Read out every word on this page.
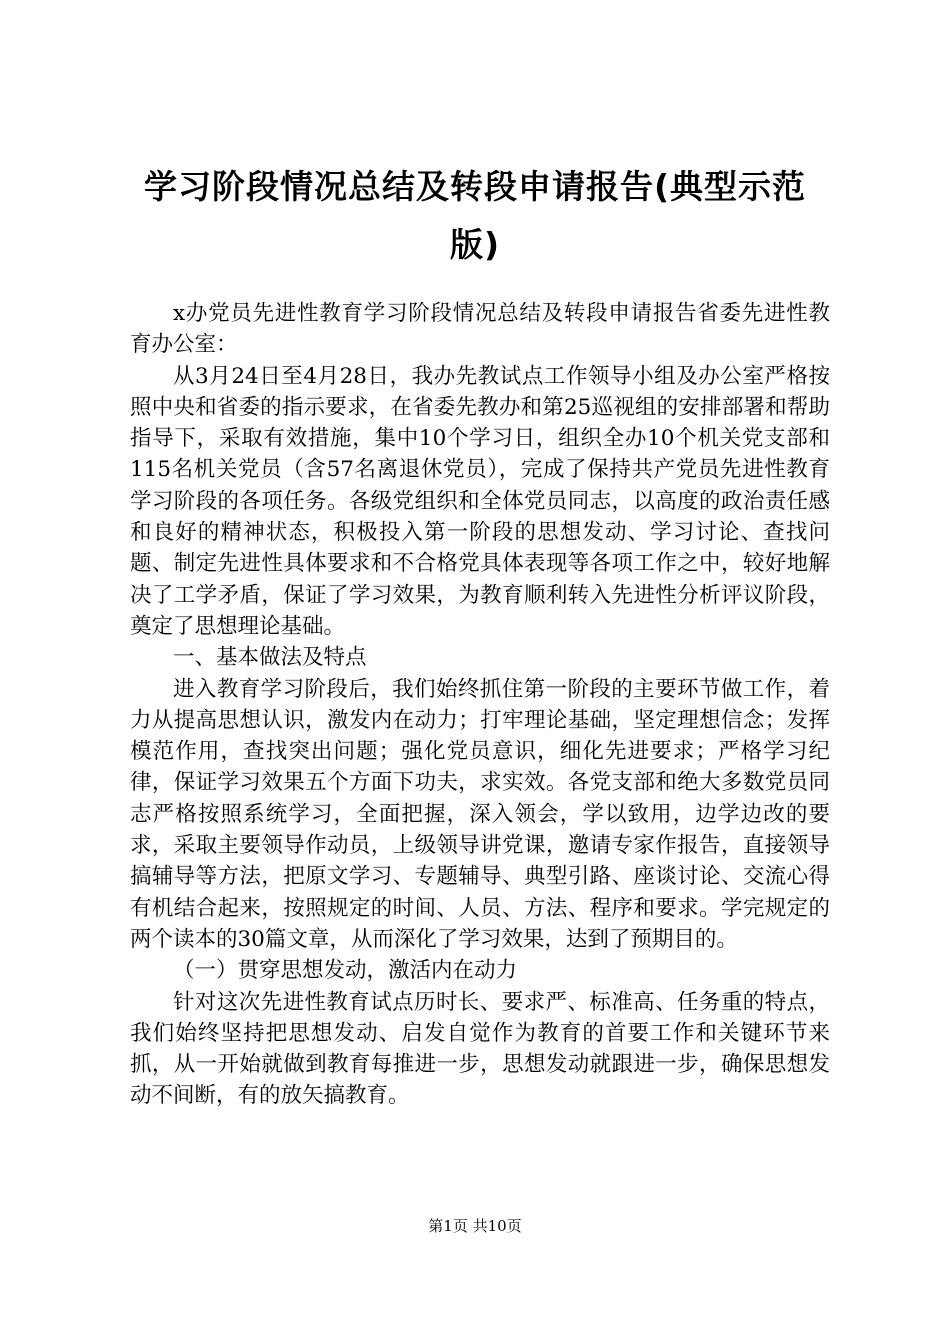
学习阶段情况总结及转段申请报告(典型示范版)

x办党员先进性教育学习阶段情况总结及转段申请报告省委先进性教育办公室：

从3月24日至4月28日，我办先教试点工作领导小组及办公室严格按照中央和省委的指示要求，在省委先教办和第25巡视组的安排部署和帮助指导下，采取有效措施，集中10个学习日，组织全办10个机关党支部和115名机关党员（含57名离退休党员），完成了保持共产党员先进性教育学习阶段的各项任务。各级党组织和全体党员同志，以高度的政治责任感和良好的精神状态，积极投入第一阶段的思想发动、学习讨论、查找问题、制定先进性具体要求和不合格党具体表现等各项工作之中，较好地解决了工学矛盾，保证了学习效果，为教育顺利转入先进性分析评议阶段，奠定了思想理论基础。

一、基本做法及特点

进入教育学习阶段后，我们始终抓住第一阶段的主要环节做工作，着力从提高思想认识，激发内在动力；打牢理论基础，坚定理想信念；发挥模范作用，查找突出问题；强化党员意识，细化先进要求；严格学习纪律，保证学习效果五个方面下功夫，求实效。各党支部和绝大多数党员同志严格按照系统学习，全面把握，深入领会，学以致用，边学边改的要求，采取主要领导作动员，上级领导讲党课，邀请专家作报告，直接领导搞辅导等方法，把原文学习、专题辅导、典型引路、座谈讨论、交流心得有机结合起来，按照规定的时间、人员、方法、程序和要求。学完规定的两个读本的30篇文章，从而深化了学习效果，达到了预期目的。

（一）贯穿思想发动，激活内在动力

针对这次先进性教育试点历时长、要求严、标准高、任务重的特点，我们始终坚持把思想发动、启发自觉作为教育的首要工作和关键环节来抓，从一开始就做到教育每推进一步，思想发动就跟进一步，确保思想发动不间断，有的放矢搞教育。

第1页 共10页
